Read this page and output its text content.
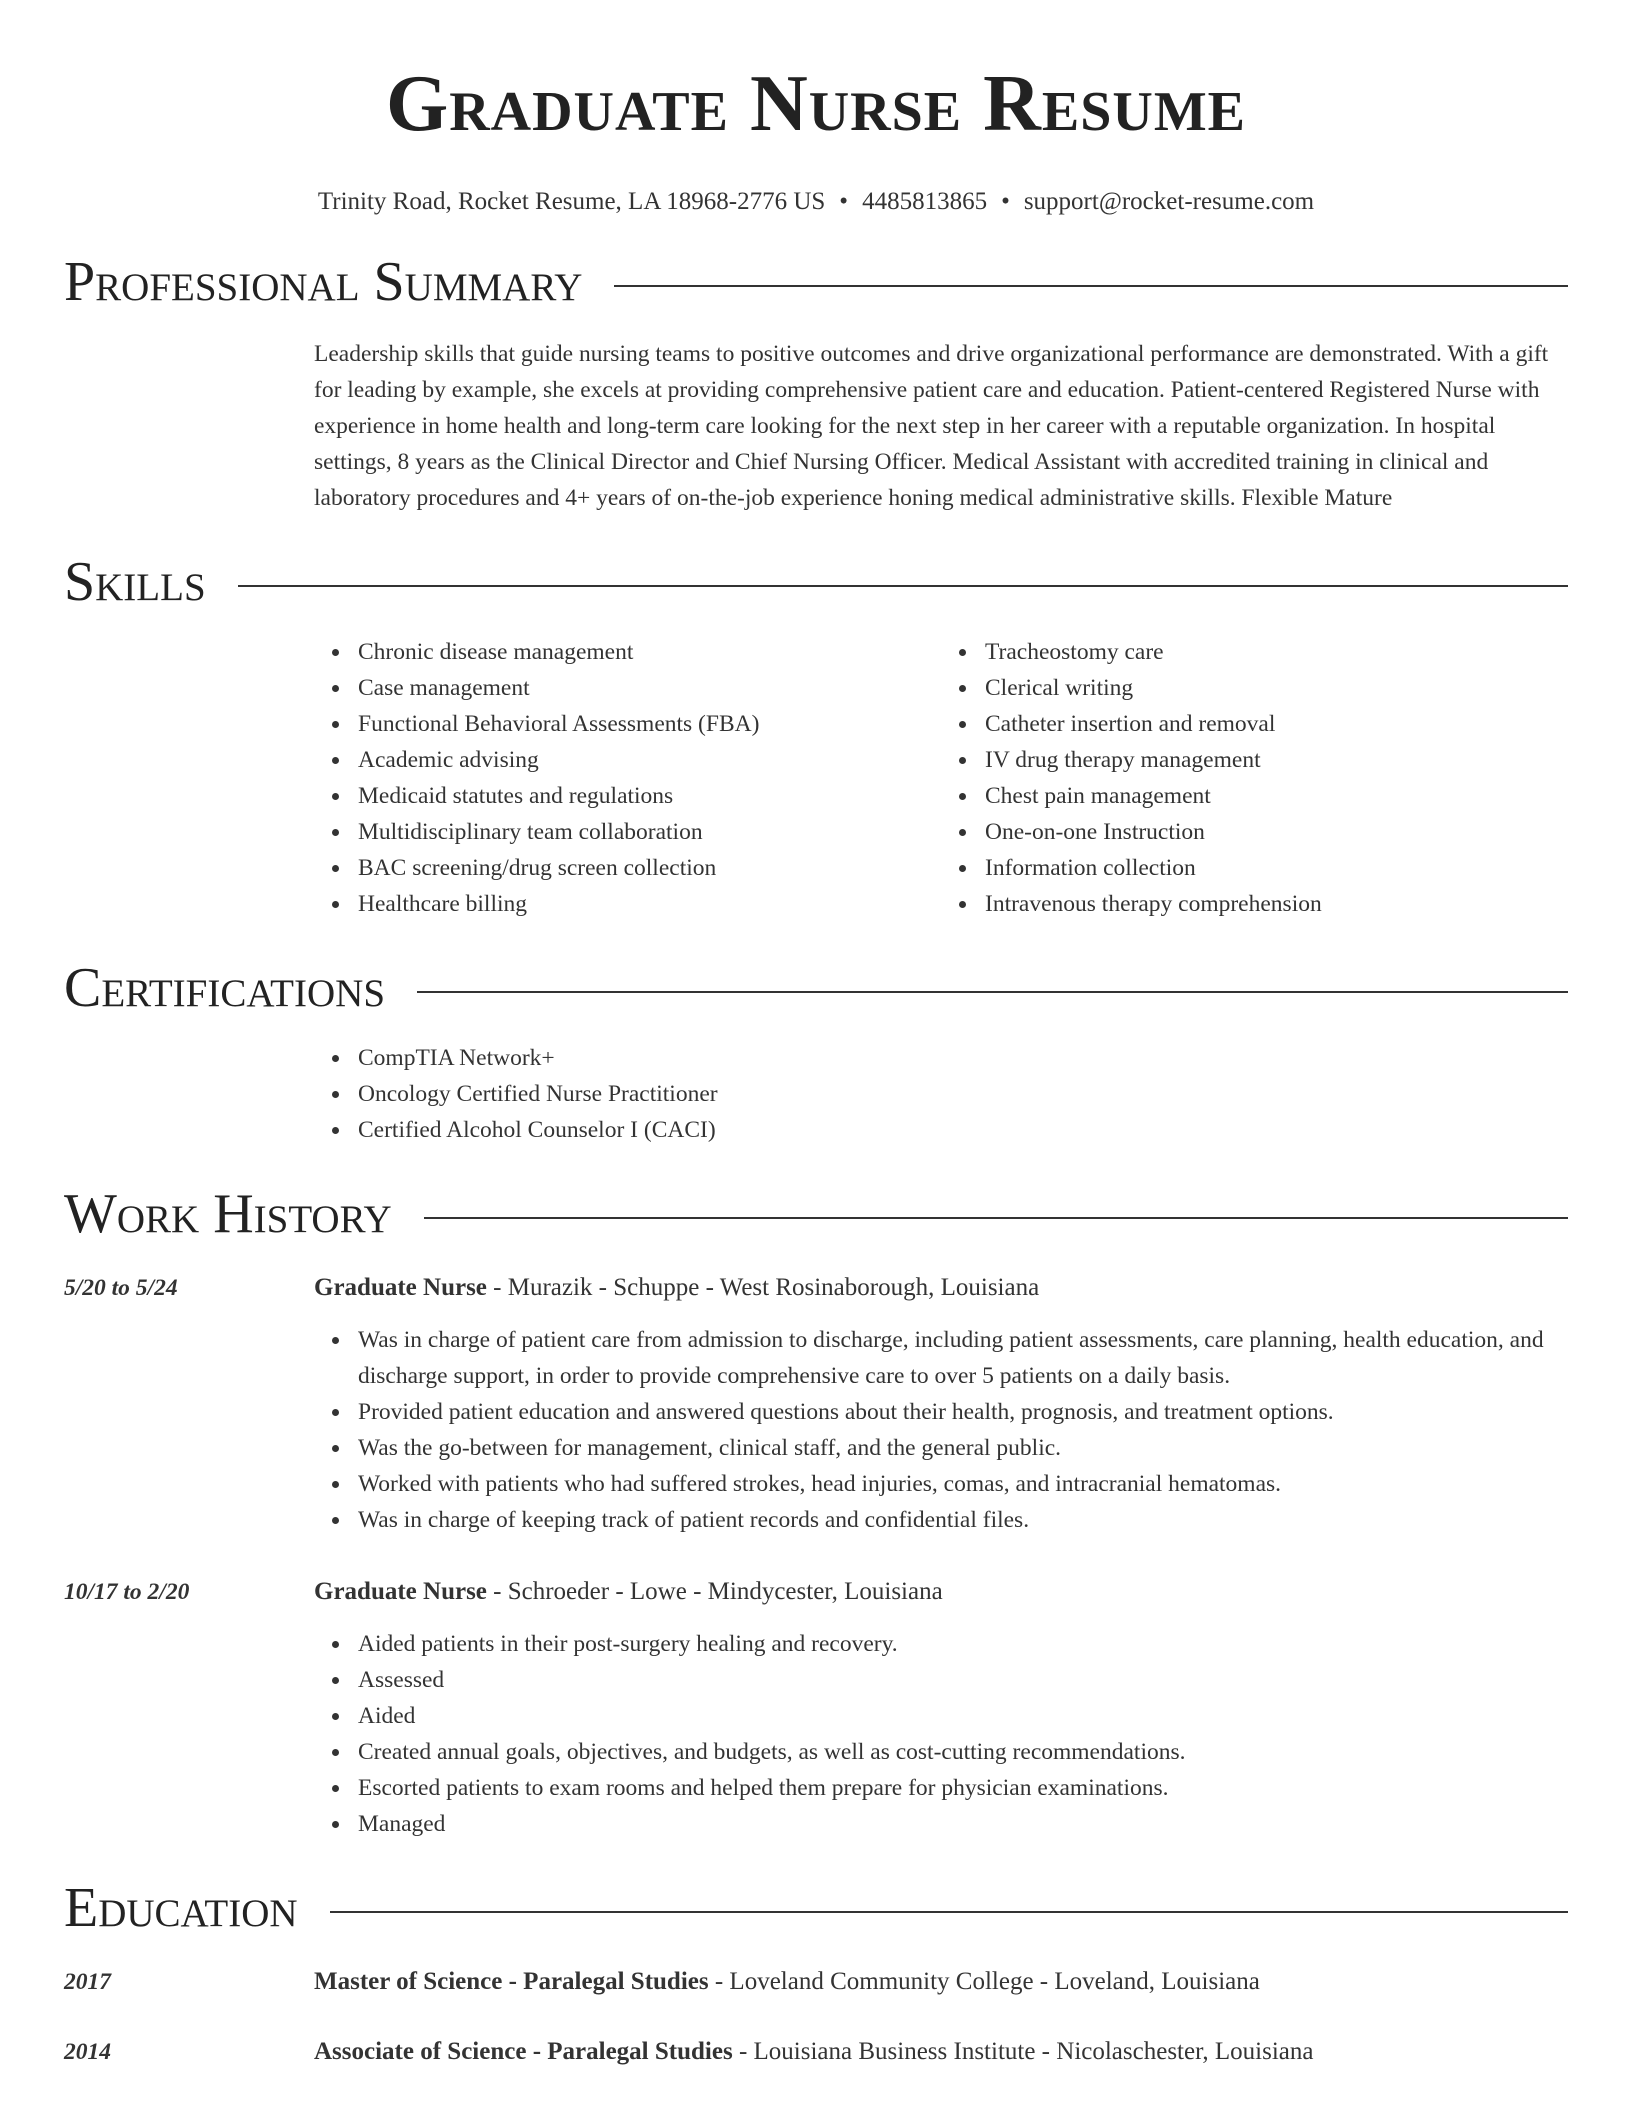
Graduate Nurse Resume
Trinity Road, Rocket Resume, LA 18968-2776 US • 4485813865 • support@rocket-resume.com
Professional Summary
Leadership skills that guide nursing teams to positive outcomes and drive organizational performance are demonstrated. With a gift for leading by example, she excels at providing comprehensive patient care and education. Patient-centered Registered Nurse with experience in home health and long-term care looking for the next step in her career with a reputable organization. In hospital settings, 8 years as the Clinical Director and Chief Nursing Officer. Medical Assistant with accredited training in clinical and laboratory procedures and 4+ years of on-the-job experience honing medical administrative skills. Flexible Mature
Skills
Chronic disease management
Case management
Functional Behavioral Assessments (FBA)
Academic advising
Medicaid statutes and regulations
Multidisciplinary team collaboration
BAC screening/drug screen collection
Healthcare billing
Tracheostomy care
Clerical writing
Catheter insertion and removal
IV drug therapy management
Chest pain management
One-on-one Instruction
Information collection
Intravenous therapy comprehension
Certifications
CompTIA Network+
Oncology Certified Nurse Practitioner
Certified Alcohol Counselor I (CACI)
Work History
5/20 to 5/24	Graduate Nurse - Murazik - Schuppe - West Rosinaborough, Louisiana
Was in charge of patient care from admission to discharge, including patient assessments, care planning, health education, and discharge support, in order to provide comprehensive care to over 5 patients on a daily basis.
Provided patient education and answered questions about their health, prognosis, and treatment options.
Was the go-between for management, clinical staff, and the general public.
Worked with patients who had suffered strokes, head injuries, comas, and intracranial hematomas.
Was in charge of keeping track of patient records and confidential files.
10/17 to 2/20	Graduate Nurse - Schroeder - Lowe - Mindycester, Louisiana
Aided patients in their post-surgery healing and recovery.
Assessed
Aided
Created annual goals, objectives, and budgets, as well as cost-cutting recommendations.
Escorted patients to exam rooms and helped them prepare for physician examinations.
Managed
Education
2017	Master of Science - Paralegal Studies - Loveland Community College - Loveland, Louisiana
2014	Associate of Science - Paralegal Studies - Louisiana Business Institute - Nicolaschester, Louisiana
